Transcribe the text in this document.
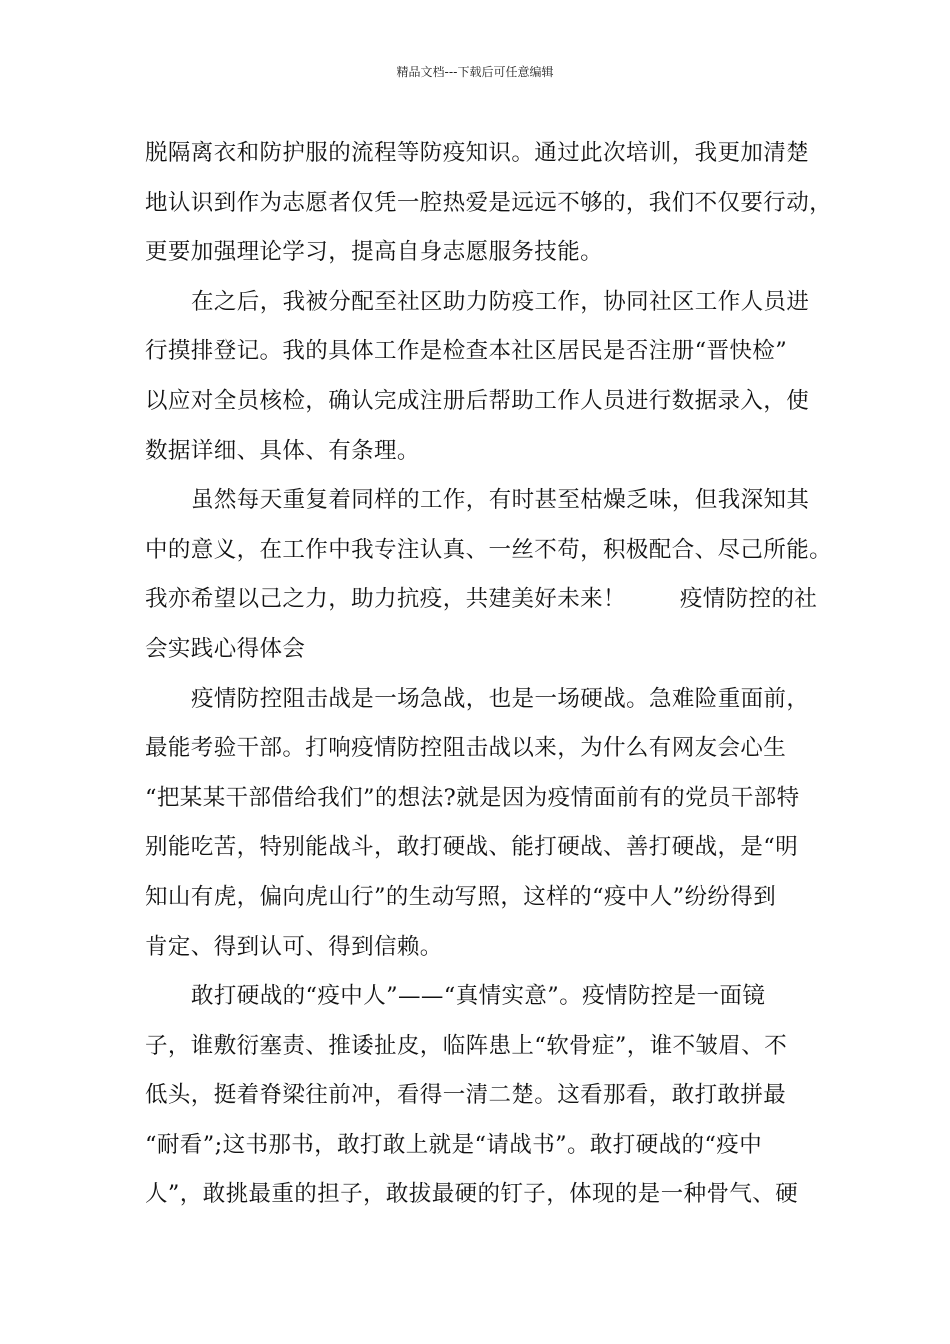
精品文档---下载后可任意编辑
脱隔离衣和防护服的流程等防疫知识。通过此次培训，我更加清楚
地认识到作为志愿者仅凭一腔热爱是远远不够的，我们不仅要行动，
更要加强理论学习，提高自身志愿服务技能。
在之后，我被分配至社区助力防疫工作，协同社区工作人员进
行摸排登记。我的具体工作是检查本社区居民是否注册“晋快检”
以应对全员核检，确认完成注册后帮助工作人员进行数据录入，使
数据详细、具体、有条理。
虽然每天重复着同样的工作，有时甚至枯燥乏味，但我深知其
中的意义，在工作中我专注认真、一丝不苟，积极配合、尽己所能。
我亦希望以己之力，助力抗疫，共建美好未来！ 疫情防控的社
会实践心得体会
疫情防控阻击战是一场急战，也是一场硬战。急难险重面前，
最能考验干部。打响疫情防控阻击战以来，为什么有网友会心生
“把某某干部借给我们”的想法?就是因为疫情面前有的党员干部特
别能吃苦，特别能战斗，敢打硬战、能打硬战、善打硬战，是“明
知山有虎，偏向虎山行”的生动写照，这样的“疫中人”纷纷得到
肯定、得到认可、得到信赖。
敢打硬战的“疫中人”——“真情实意”。疫情防控是一面镜
子，谁敷衍塞责、推诿扯皮，临阵患上“软骨症”，谁不皱眉、不
低头，挺着脊梁往前冲，看得一清二楚。这看那看，敢打敢拼最
“耐看”;这书那书，敢打敢上就是“请战书”。敢打硬战的“疫中
人”，敢挑最重的担子，敢拔最硬的钉子，体现的是一种骨气、硬
